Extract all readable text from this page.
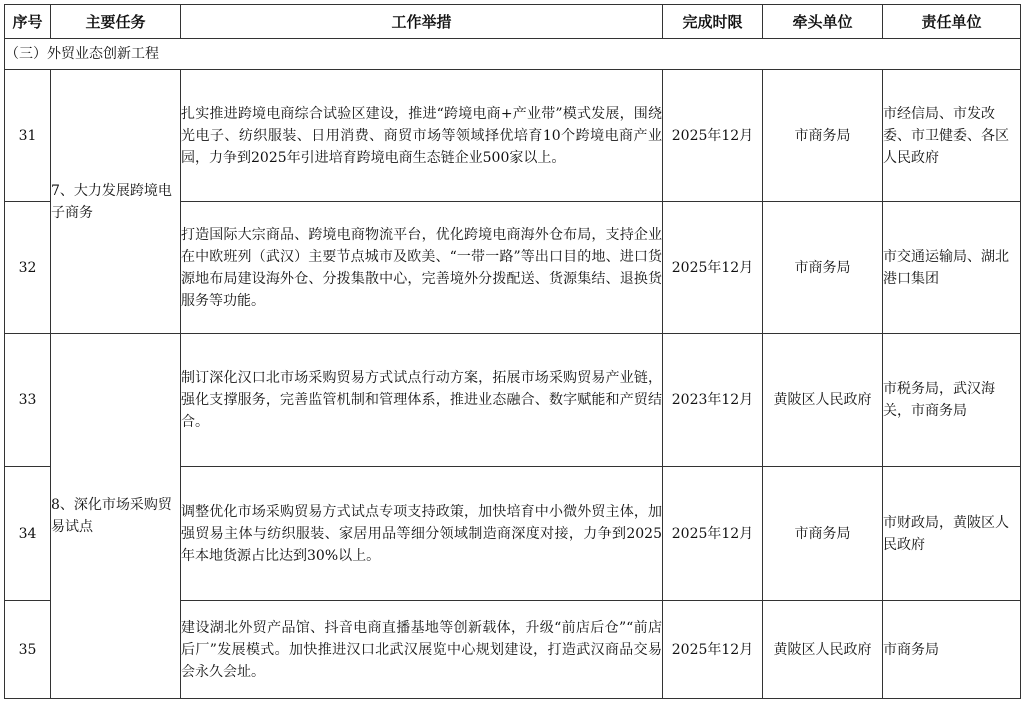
序号	主要任务	工作举措	完成时限	牵头单位	责任单位
（三）外贸业态创新工程					
31	7、大力发展跨境电子商务	扎实推进跨境电商综合试验区建设，推进“跨境电商+产业带”模式发展，围绕光电子、纺织服装、日用消费、商贸市场等领域择优培育10个跨境电商产业园，力争到2025年引进培育跨境电商生态链企业500家以上。	2025年12月	市商务局	市经信局、市发改委、市卫健委、各区人民政府
32		打造国际大宗商品、跨境电商物流平台，优化跨境电商海外仓布局，支持企业在中欧班列（武汉）主要节点城市及欧美、“一带一路”等出口目的地、进口货源地布局建设海外仓、分拨集散中心，完善境外分拨配送、货源集结、退换货服务等功能。	2025年12月	市商务局	市交通运输局、湖北港口集团
33	8、深化市场采购贸易试点	制订深化汉口北市场采购贸易方式试点行动方案，拓展市场采购贸易产业链，强化支撑服务，完善监管机制和管理体系，推进业态融合、数字赋能和产贸结合。	2023年12月	黄陂区人民政府	市税务局，武汉海关，市商务局
34		调整优化市场采购贸易方式试点专项支持政策，加快培育中小微外贸主体，加强贸易主体与纺织服装、家居用品等细分领域制造商深度对接，力争到2025年本地货源占比达到30%以上。	2025年12月	市商务局	市财政局，黄陂区人民政府
35		建设湖北外贸产品馆、抖音电商直播基地等创新载体，升级“前店后仓”“前店后厂”发展模式。加快推进汉口北武汉展览中心规划建设，打造武汉商品交易会永久会址。	2025年12月	黄陂区人民政府	市商务局
